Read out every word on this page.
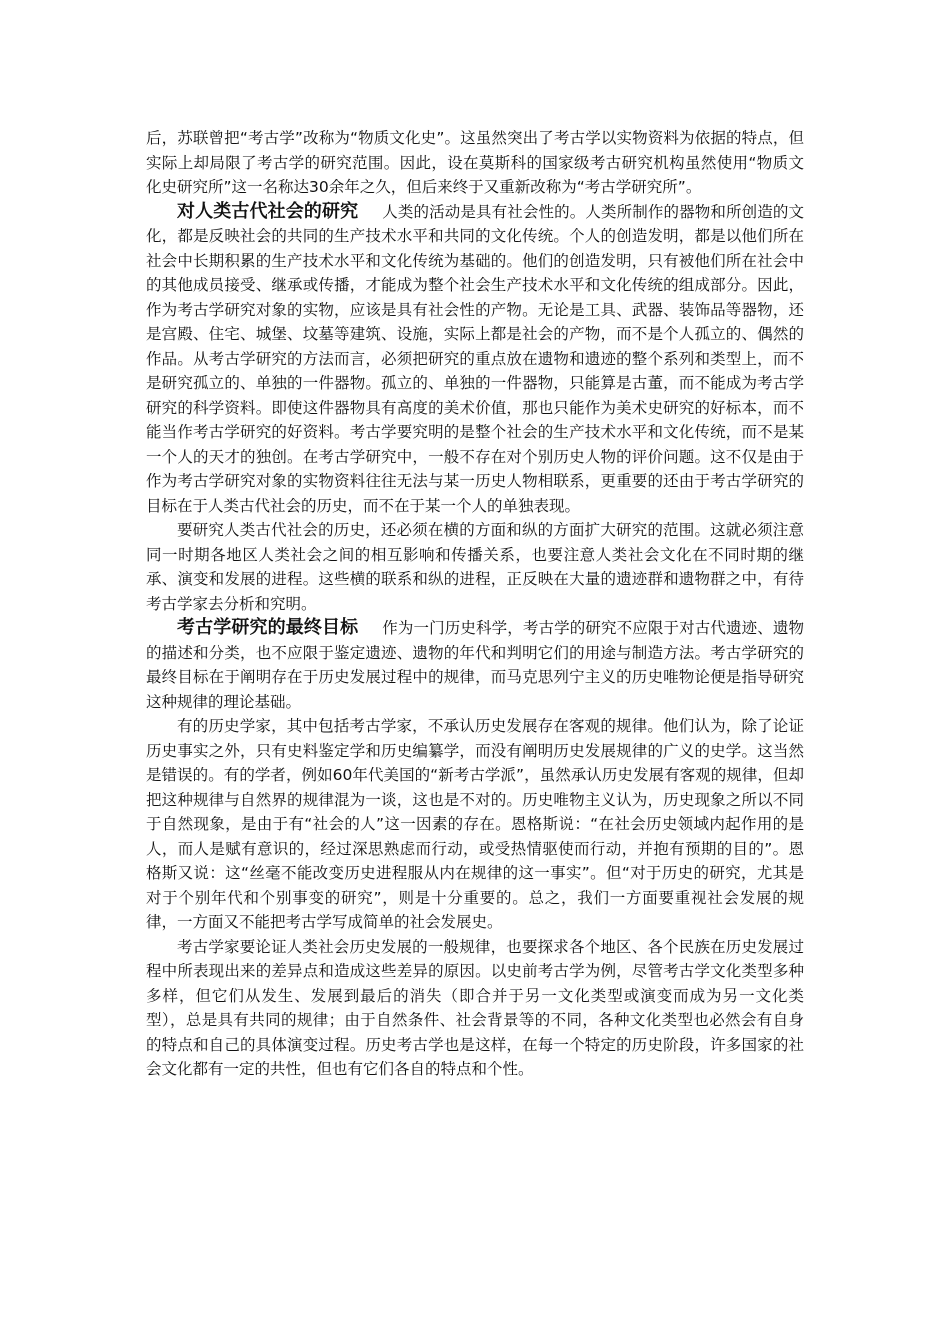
后，苏联曾把“考古学”改称为“物质文化史”。这虽然突出了考古学以实物资料为依据的特点，但实际上却局限了考古学的研究范围。因此，设在莫斯科的国家级考古研究机构虽然使用“物质文化史研究所”这一名称达30余年之久，但后来终于又重新改称为“考古学研究所”。

对人类古代社会的研究 人类的活动是具有社会性的。人类所制作的器物和所创造的文化，都是反映社会的共同的生产技术水平和共同的文化传统。个人的创造发明，都是以他们所在社会中长期积累的生产技术水平和文化传统为基础的。他们的创造发明，只有被他们所在社会中的其他成员接受、继承或传播，才能成为整个社会生产技术水平和文化传统的组成部分。因此，作为考古学研究对象的实物，应该是具有社会性的产物。无论是工具、武器、装饰品等器物，还是宫殿、住宅、城堡、坟墓等建筑、设施，实际上都是社会的产物，而不是个人孤立的、偶然的作品。从考古学研究的方法而言，必须把研究的重点放在遗物和遗迹的整个系列和类型上，而不是研究孤立的、单独的一件器物。孤立的、单独的一件器物，只能算是古董，而不能成为考古学研究的科学资料。即使这件器物具有高度的美术价值，那也只能作为美术史研究的好标本，而不能当作考古学研究的好资料。考古学要究明的是整个社会的生产技术水平和文化传统，而不是某一个人的天才的独创。在考古学研究中，一般不存在对个别历史人物的评价问题。这不仅是由于作为考古学研究对象的实物资料往往无法与某一历史人物相联系，更重要的还由于考古学研究的目标在于人类古代社会的历史，而不在于某一个人的单独表现。

要研究人类古代社会的历史，还必须在横的方面和纵的方面扩大研究的范围。这就必须注意同一时期各地区人类社会之间的相互影响和传播关系，也要注意人类社会文化在不同时期的继承、演变和发展的进程。这些横的联系和纵的进程，正反映在大量的遗迹群和遗物群之中，有待考古学家去分析和究明。

考古学研究的最终目标 作为一门历史科学，考古学的研究不应限于对古代遗迹、遗物的描述和分类，也不应限于鉴定遗迹、遗物的年代和判明它们的用途与制造方法。考古学研究的最终目标在于阐明存在于历史发展过程中的规律，而马克思列宁主义的历史唯物论便是指导研究这种规律的理论基础。

有的历史学家，其中包括考古学家，不承认历史发展存在客观的规律。他们认为，除了论证历史事实之外，只有史料鉴定学和历史编纂学，而没有阐明历史发展规律的广义的史学。这当然是错误的。有的学者，例如60年代美国的“新考古学派”，虽然承认历史发展有客观的规律，但却把这种规律与自然界的规律混为一谈，这也是不对的。历史唯物主义认为，历史现象之所以不同于自然现象，是由于有“社会的人”这一因素的存在。恩格斯说：“在社会历史领域内起作用的是人，而人是赋有意识的，经过深思熟虑而行动，或受热情驱使而行动，并抱有预期的目的”。恩格斯又说：这“丝毫不能改变历史进程服从内在规律的这一事实”。但“对于历史的研究，尤其是对于个别年代和个别事变的研究”，则是十分重要的。总之，我们一方面要重视社会发展的规律，一方面又不能把考古学写成简单的社会发展史。

考古学家要论证人类社会历史发展的一般规律，也要探求各个地区、各个民族在历史发展过程中所表现出来的差异点和造成这些差异的原因。以史前考古学为例，尽管考古学文化类型多种多样，但它们从发生、发展到最后的消失（即合并于另一文化类型或演变而成为另一文化类型），总是具有共同的规律；由于自然条件、社会背景等的不同，各种文化类型也必然会有自身的特点和自己的具体演变过程。历史考古学也是这样，在每一个特定的历史阶段，许多国家的社会文化都有一定的共性，但也有它们各自的特点和个性。
